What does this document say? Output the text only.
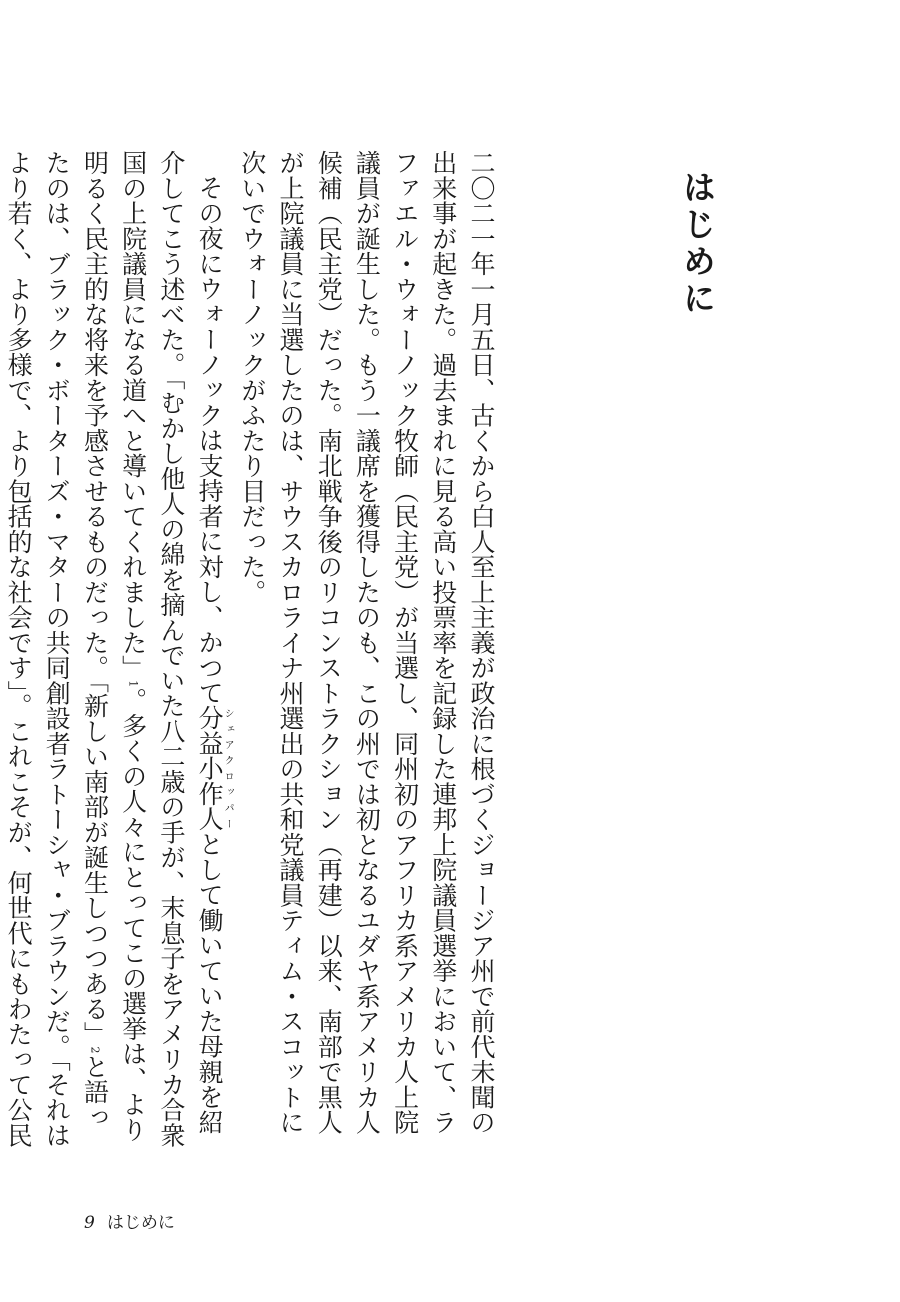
はじめに

二〇二一年一月五日、古くから白人至上主義が政治に根づくジョージア州で前代未聞の出来事が起きた。過去まれに見る高い投票率を記録した連邦上院議員選挙において、ラファエル・ウォーノック牧師（民主党）が当選し、同州初のアフリカ系アメリカ人上院議員が誕生した。もう一議席を獲得したのも、この州では初となるユダヤ系アメリカ人候補（民主党）だった。南北戦争後のリコンストラクション（再建）以来、南部で黒人が上院議員に当選したのは、サウスカロライナ州選出の共和党議員ティム・スコットに次いでウォーノックがふたり目だった。

その夜にウォーノックは支持者に対し、かつて分益小作人シェアクロッパーとして働いていた母親を紹介してこう述べた。「むかし他人の綿を摘んでいた八二歳の手が、末息子をアメリカ合衆国の上院議員になる道へと導いてくれました」1。多くの人々にとってこの選挙は、より明るく民主的な将来を予感させるものだった。「新しい南部が誕生しつつある」2と語ったのは、ブラック・ボーターズ・マターの共同創設者ラトーシャ・ブラウンだ。「それはより若く、より多様で、より包括的な社会です」。これこそが、何世代にもわたって公民

9 はじめに
